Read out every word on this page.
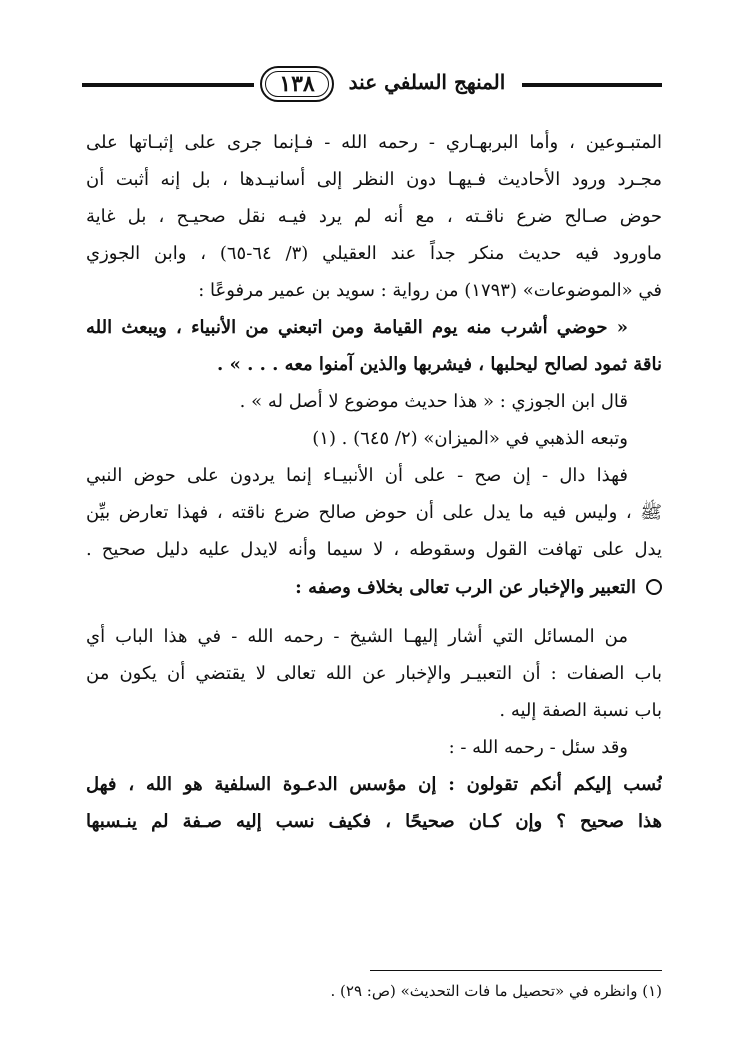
١٣٨	المنهج السلفي عند
المتبـوعين ، وأما البربهـاري - رحمه الله - فـإنما جرى على إثبـاتها على
مجـرد ورود الأحاديث فـيهـا دون النظر إلى أسانيـدها ، بل إنه أثبت أن
حوض صـالح ضرع ناقـته ، مع أنه لم يرد فيـه نقل صحيـح ، بل غاية
ماورود فيه حديث منكر جداً عند العقيلي (٣/ ٦٤-٦٥) ، وابن الجوزي
في «الموضوعات» (١٧٩٣) من رواية : سويد بن عمير مرفوعًا :
« حوضي أشرب منه يوم القيامة ومن اتبعني من الأنبياء ، ويبعث الله
ناقة ثمود لصالح ليحلبها ، فيشربها والذين آمنوا معه . . . » .
قال ابن الجوزي : « هذا حديث موضوع لا أصل له » .
وتبعه الذهبي في «الميزان» (٢/ ٦٤٥) . (١)
فهذا دال - إن صح - على أن الأنبيـاء إنما يردون على حوض النبي
ﷺ ، وليس فيه ما يدل على أن حوض صالح ضرع ناقته ، فهذا تعارض بيِّن
يدل على تهافت القول وسقوطه ، لا سيما وأنه لايدل عليه دليل صحيح .
التعبير والإخبار عن الرب تعالى بخلاف وصفه :
من المسائل التي أشار إليهـا الشيخ - رحمه الله - في هذا الباب أي
باب الصفات : أن التعبيـر والإخبار عن الله تعالى لا يقتضي أن يكون من
باب نسبة الصفة إليه .
وقد سئل - رحمه الله - :
نُسب إليكم أنكم تقولون : إن مؤسس الدعـوة السلفية هو الله ، فهل
هذا صحيح ؟ وإن كـان صحيحًا ، فكيف نسب إليه صـفة لم ينـسبها
(١) وانظره في «تحصيل ما فات التحديث» (ص: ٢٩) .
